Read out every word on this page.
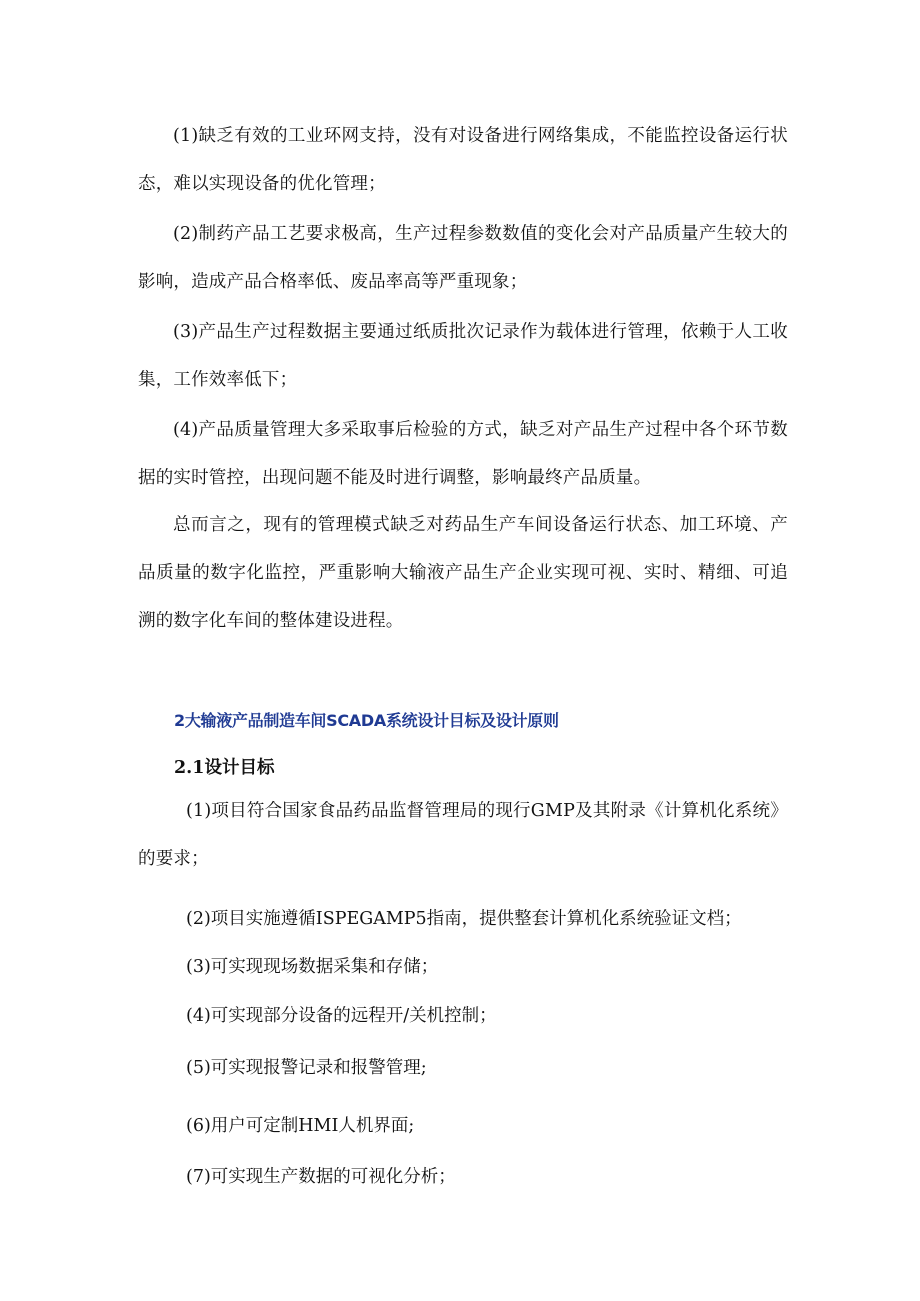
(1)缺乏有效的工业环网支持，没有对设备进行网络集成，不能监控设备运行状态，难以实现设备的优化管理；

(2)制药产品工艺要求极高，生产过程参数数值的变化会对产品质量产生较大的影响，造成产品合格率低、废品率高等严重现象；

(3)产品生产过程数据主要通过纸质批次记录作为载体进行管理，依赖于人工收集，工作效率低下；

(4)产品质量管理大多采取事后检验的方式，缺乏对产品生产过程中各个环节数据的实时管控，出现问题不能及时进行调整，影响最终产品质量。

总而言之，现有的管理模式缺乏对药品生产车间设备运行状态、加工环境、产品质量的数字化监控，严重影响大输液产品生产企业实现可视、实时、精细、可追溯的数字化车间的整体建设进程。

2大输液产品制造车间SCADA系统设计目标及设计原则
2.1设计目标

(1)项目符合国家食品药品监督管理局的现行GMP及其附录《计算机化系统》的要求；

(2)项目实施遵循ISPEGAMP5指南，提供整套计算机化系统验证文档；

(3)可实现现场数据采集和存储；

(4)可实现部分设备的远程开/关机控制；

(5)可实现报警记录和报警管理;

(6)用户可定制HMI人机界面;

(7)可实现生产数据的可视化分析；
